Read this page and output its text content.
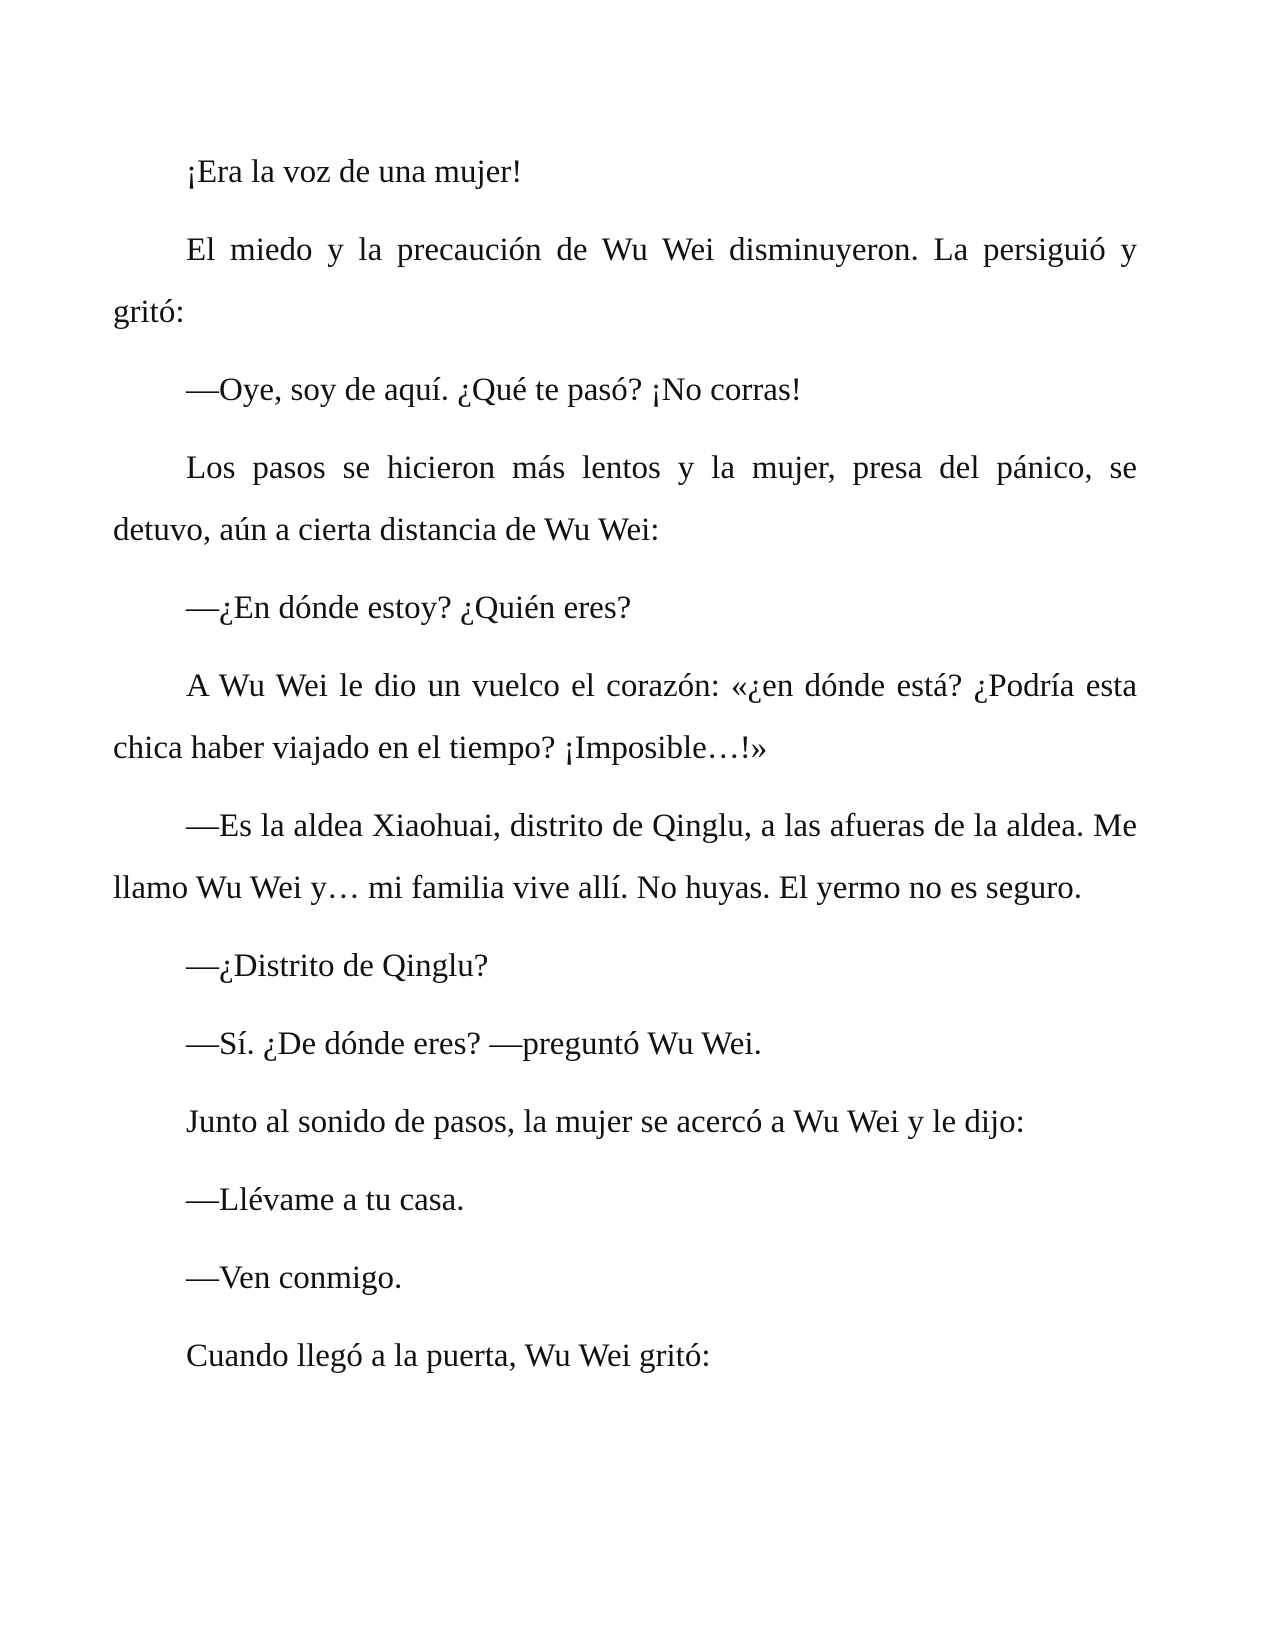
¡Era la voz de una mujer!

El miedo y la precaución de Wu Wei disminuyeron. La persiguió y gritó:

—Oye, soy de aquí. ¿Qué te pasó? ¡No corras!

Los pasos se hicieron más lentos y la mujer, presa del pánico, se detuvo, aún a cierta distancia de Wu Wei:

—¿En dónde estoy? ¿Quién eres?

A Wu Wei le dio un vuelco el corazón: «¿en dónde está? ¿Podría esta chica haber viajado en el tiempo? ¡Imposible…!»

—Es la aldea Xiaohuai, distrito de Qinglu, a las afueras de la aldea. Me llamo Wu Wei y… mi familia vive allí. No huyas. El yermo no es seguro.

—¿Distrito de Qinglu?

—Sí. ¿De dónde eres? —preguntó Wu Wei.

Junto al sonido de pasos, la mujer se acercó a Wu Wei y le dijo:

—Llévame a tu casa.

—Ven conmigo.

Cuando llegó a la puerta, Wu Wei gritó:
